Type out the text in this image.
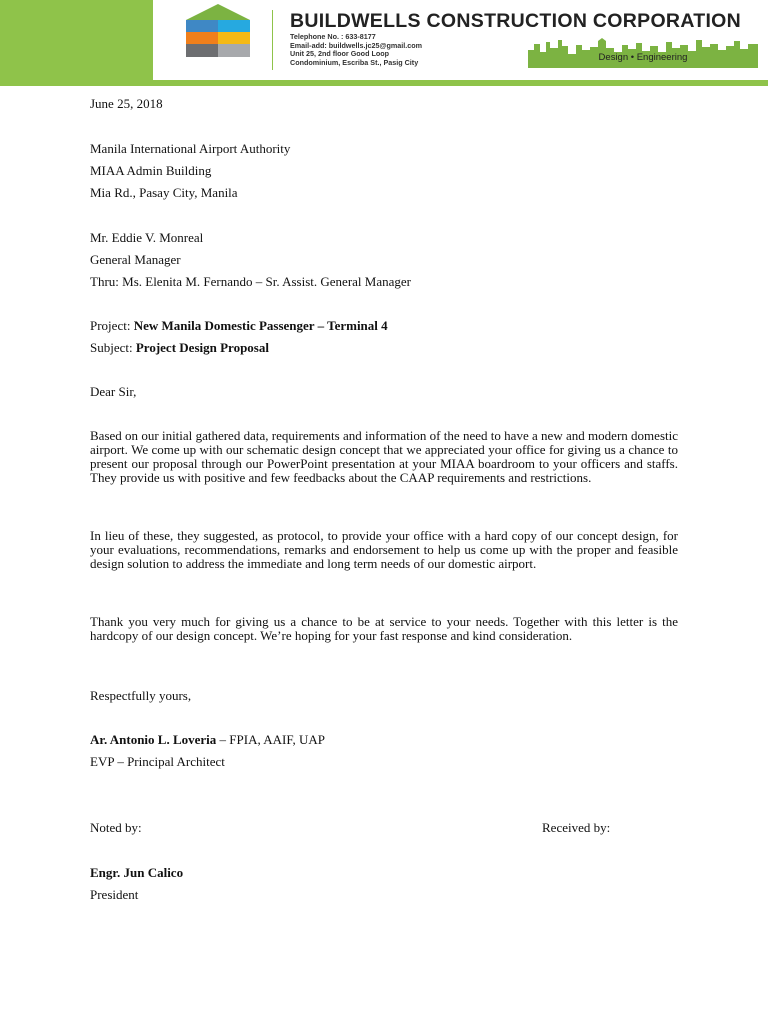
BUILDWELLS CONSTRUCTION CORPORATION
Telephone No. : 633-8177
Email-add: buildwells.jc25@gmail.com
Unit 25, 2nd floor Good Loop
Condominium, Escriba St., Pasig City	Design • Engineering
June 25, 2018
Manila International Airport Authority
MIAA Admin Building
Mia Rd., Pasay City, Manila
Mr. Eddie V. Monreal
General Manager
Thru: Ms. Elenita M. Fernando – Sr. Assist. General Manager
Project: New Manila Domestic Passenger – Terminal 4
Subject: Project Design Proposal
Dear Sir,
Based on our initial gathered data, requirements and information of the need to have a new and modern domestic airport. We come up with our schematic design concept that we appreciated your office for giving us a chance to present our proposal through our PowerPoint presentation at your MIAA boardroom to your officers and staffs. They provide us with positive and few feedbacks about the CAAP requirements and restrictions.
In lieu of these, they suggested, as protocol, to provide your office with a hard copy of our concept design, for your evaluations, recommendations, remarks and endorsement to help us come up with the proper and feasible design solution to address the immediate and long term needs of our domestic airport.
Thank you very much for giving us a chance to be at service to your needs. Together with this letter is the hardcopy of our design concept. We’re hoping for your fast response and kind consideration.
Respectfully yours,
Ar. Antonio L. Loveria – FPIA, AAIF, UAP
EVP – Principal Architect
Noted by:	Received by:
Engr. Jun Calico
President
